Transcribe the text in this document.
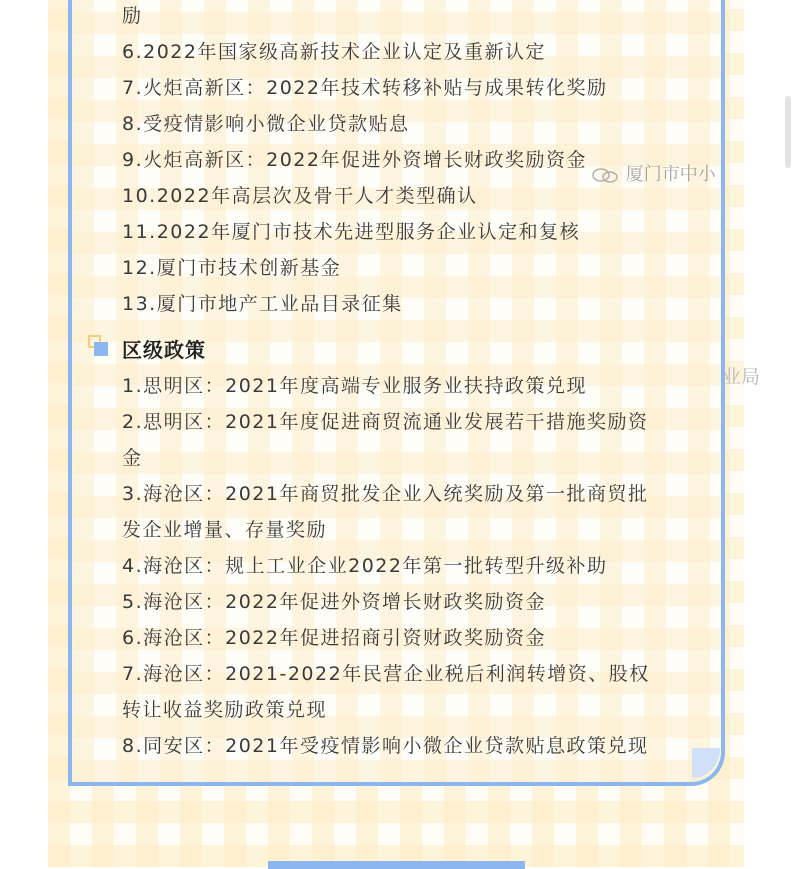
励
6.2022年国家级高新技术企业认定及重新认定
7.火炬高新区：2022年技术转移补贴与成果转化奖励
8.受疫情影响小微企业贷款贴息
9.火炬高新区：2022年促进外资增长财政奖励资金
10.2022年高层次及骨干人才类型确认
11.2022年厦门市技术先进型服务企业认定和复核
12.厦门市技术创新基金
13.厦门市地产工业品目录征集
区级政策
1.思明区：2021年度高端专业服务业扶持政策兑现
2.思明区：2021年度促进商贸流通业发展若干措施奖励资
金
3.海沧区：2021年商贸批发企业入统奖励及第一批商贸批
发企业增量、存量奖励
4.海沧区：规上工业企业2022年第一批转型升级补助
5.海沧区：2022年促进外资增长财政奖励资金
6.海沧区：2022年促进招商引资财政奖励资金
7.海沧区：2021-2022年民营企业税后利润转增资、股权
转让收益奖励政策兑现
8.同安区：2021年受疫情影响小微企业贷款贴息政策兑现
厦门市中小
业局
